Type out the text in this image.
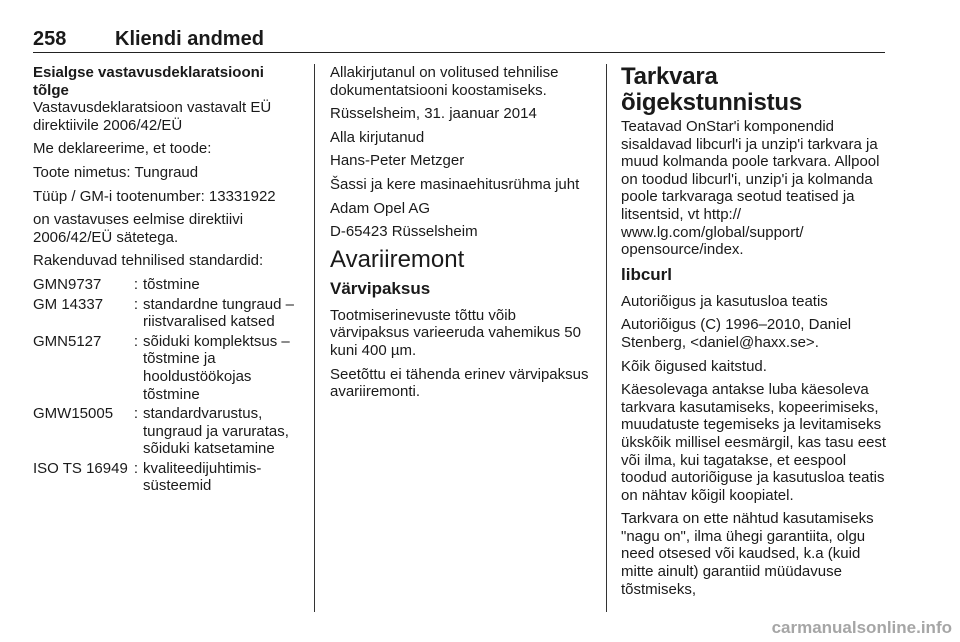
258 Kliendi andmed
Esialgse vastavusdeklaratsiooni tõlge

Vastavusdeklaratsioon vastavalt EÜ direktiivile 2006/42/EÜ

Me deklareerime, et toode:

Toote nimetus: Tungraud

Tüüp / GM-i tootenumber: 13331922

on vastavuses eelmise direktiivi 2006/42/EÜ sätetega.

Rakenduvad tehnilised standardid:

GMN9737	:	tõstmine
GM 14337	:	standardne tungraud – riistvaralised katsed
GMN5127	:	sõiduki komplektsus – tõstmine ja hooldustöökojas tõstmine
GMW15005	:	standardvarustus, tungraud ja varuratas, sõiduki katsetamine
ISO TS 16949	:	kvaliteedijuhtimis-süsteemid

Allakirjutanul on volitused tehnilise dokumentatsiooni koostamiseks.

Rüsselsheim, 31. jaanuar 2014

Alla kirjutanud

Hans-Peter Metzger

Šassi ja kere masinaehitusrühma juht

Adam Opel AG

D-65423 Rüsselsheim

Avariiremont
Värvipaksus

Tootmiserinevuste tõttu võib värvipaksus varieeruda vahemikus 50 kuni 400 µm.

Seetõttu ei tähenda erinev värvipaksus avariiremonti.

Tarkvara õigekstunnistus

Teatavad OnStar'i komponendid sisaldavad libcurl'i ja unzip'i tarkvara ja muud kolmanda poole tarkvara. Allpool on toodud libcurl'i, unzip'i ja kolmanda poole tarkvaraga seotud teatised ja litsentsid, vt http:// www.lg.com/global/support/ opensource/index.

libcurl

Autoriõigus ja kasutusloa teatis

Autoriõigus (C) 1996–2010, Daniel Stenberg, <daniel@haxx.se>.

Kõik õigused kaitstud.

Käesolevaga antakse luba käesoleva tarkvara kasutamiseks, kopeerimiseks, muudatuste tegemiseks ja levitamiseks ükskõik millisel eesmärgil, kas tasu eest või ilma, kui tagatakse, et eespool toodud autoriõiguse ja kasutusloa teatis on nähtav kõigil koopiatel.

Tarkvara on ette nähtud kasutamiseks "nagu on", ilma ühegi garantiita, olgu need otsesed või kaudsed, k.a (kuid mitte ainult) garantiid müüdavuse tõstmiseks,

carmanualsonline.info
